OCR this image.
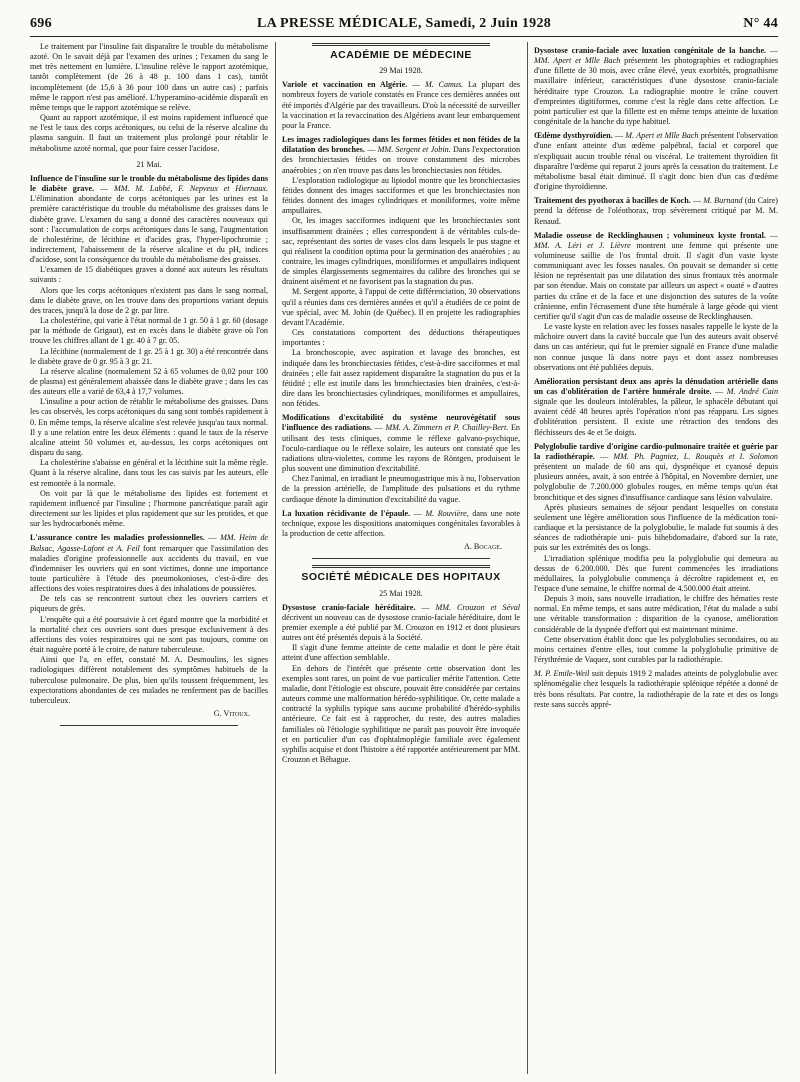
696	LA PRESSE MÉDICALE, Samedi, 2 Juin 1928	N° 44

Le traitement par l'insuline fait disparaître le trouble du métabolisme azoté. On le savait déjà par l'examen des urines ; l'examen du sang le met très nettement en lumière. L'insuline relève le rapport azotémique, tantôt complètement (de 26 à 48 p. 100 dans 1 cas), tantôt incomplètement (de 15,6 à 36 pour 100 dans un autre cas) ; parfois même le rapport n'est pas amélioré. L'hyperamino-acidémie disparaît en même temps que le rapport azotémique se relève.

Quant au rapport azotémique, il est moins rapidement influencé que ne l'est le taux des corps acétoniques, ou celui de la réserve alcaline du plasma sanguin. Il faut un traitement plus prolongé pour rétablir le métabolisme azoté normal, que pour faire cesser l'acidose.

21 Mai.

Influence de l'insuline sur le trouble du métabolisme des lipides dans le diabète grave. — MM. M. Labbé, F. Nepveux et Hiernaux. L'élimination abondante de corps acétoniques par les urines est la première caractéristique du trouble du métabolisme des graisses dans le diabète grave. L'examen du sang a donné des caractères nouveaux qui sont : l'accumulation de corps acétoniques dans le sang, l'augmentation de cholestérine, de lécithine et d'acides gras, l'hyper-lipochromie ; indirectement, l'abaissement de la réserve alcaline et du pH, indices d'acidose, sont la conséquence du trouble du métabolisme des graisses.

L'examen de 15 diabétiques graves a donné aux auteurs les résultats suivants :

Alors que les corps acétoniques n'existent pas dans le sang normal, dans le diabète grave, on les trouve dans des proportions variant depuis des traces, jusqu'à la dose de 2 gr. par litre.

La cholestérine, qui varie à l'état normal de 1 gr. 50 à 1 gr. 60 (dosage par la méthode de Grigaut), est en excès dans le diabète grave où l'on trouve les chiffres allant de 1 gr. 40 à 7 gr. 05.

La lécithine (normalement de 1 gr. 25 à 1 gr. 30) a été rencontrée dans le diabète grave de 0 gr. 95 à 3 gr. 21.

La réserve alcaline (normalement 52 à 65 volumes de 0,02 pour 100 de plasma) est généralement abaissée dans le diabète grave ; dans les cas des auteurs elle a varié de 63,4 à 17,7 volumes.

L'insuline a pour action de rétablir le métabolisme des graisses. Dans les cas observés, les corps acétoniques du sang sont tombés rapidement à 0. En même temps, la réserve alcaline s'est relevée jusqu'au taux normal. Il y a une relation entre les deux éléments : quand le taux de la réserve alcaline atteint 50 volumes et, au-dessus, les corps acétoniques ont disparu du sang.

La cholestérine s'abaisse en général et la lécithine suit la même règle. Quant à la réserve alcaline, dans tous les cas suivis par les auteurs, elle est remontée à la normale.

On voit par là que le métabolisme des lipides est fortement et rapidement influencé par l'insuline ; l'hormone pancréatique paraît agir directement sur les lipides et plus rapidement que sur les protides, et que sur les hydrocarbonés même.

L'assurance contre les maladies professionnelles. — MM. Heim de Balsac, Agasse-Lafont et A. Feil font remarquer que l'assimilation des maladies d'origine professionnelle aux accidents du travail, en vue d'indemniser les ouvriers qui en sont victimes, donne une importance toute particulière à l'étude des pneumokonioses, c'est-à-dire des affections des voies respiratoires dues à des inhalations de poussières.

De tels cas se rencontrent surtout chez les ouvriers carriers et piqueurs de grès.

L'enquête qui a été poursuivie à cet égard montre que la morbidité et la mortalité chez ces ouvriers sont dues presque exclusivement à des affections des voies respiratoires qui ne sont pas toujours, comme on était naguère porté à le croire, de nature tuberculeuse.

Ainsi que l'a, en effet, constaté M. A. Desmoulins, les signes radiologiques diffèrent notablement des symptômes habituels de la tuberculose pulmonaire. De plus, bien qu'ils toussent fréquemment, les expectorations abondantes de ces malades ne renferment pas de bacilles tuberculeux.

G. Vitoux.

ACADÉMIE DE MÉDECINE

29 Mai 1928.

Variole et vaccination en Algérie. — M. Camus. La plupart des nombreux foyers de variole constatés en France ces dernières années ont été importés d'Algérie par des travailleurs. D'où la nécessité de surveiller la vaccination et la revaccination des Algériens avant leur embarquement pour la France.

Les images radiologiques dans les formes fétides et non fétides de la dilatation des bronches. — MM. Sergent et Jobin. Dans l'expectoration des bronchiectasies fétides on trouve constamment des microbes anaérobies ; on n'en trouve pas dans les bronchiectasies non fétides.

L'exploration radiologique au lipiodol montre que les bronchiectasies fétides donnent des images sacciformes et que les bronchiectasies non fétides donnent des images cylindriques et moniliformes, voire même ampullaires.

Or, les images sacciformes indiquent que les bronchiectasies sont insuffisamment drainées ; elles correspondent à de véritables culs-de-sac, représentant des sortes de vases clos dans lesquels le pus stagne et qui réalisent la condition optima pour la germination des anaérobies ; au contraire, les images cylindriques, moniliformes et ampullaires indiquent de simples élargissements segmentaires du calibre des bronches qui se drainent aisément et ne favorisent pas la stagnation du pus.

M. Sergent apporte, à l'appui de cette différenciation, 30 observations qu'il a réunies dans ces dernières années et qu'il a étudiées de ce point de vue spécial, avec M. Jobin (de Québec). Il en projette les radiographies devant l'Académie.

Ces constatations comportent des déductions thérapeutiques importantes :

La bronchoscopie, avec aspiration et lavage des bronches, est indiquée dans les bronchiectasies fétides, c'est-à-dire sacciformes et mal drainées ; elle fait assez rapidement disparaître la stagnation du pus et la fétidité ; elle est inutile dans les bronchiectasies bien drainées, c'est-à-dire dans les bronchiectasies cylindriques, moniliformes et ampullaires, non fétides.

Modifications d'excitabilité du système neurovégétatif sous l'influence des radiations. — MM. A. Zimmern et P. Chailley-Bert. En utilisant des tests cliniques, comme le réflexe galvano-psychique, l'oculo-cardiaque ou le réflexe solaire, les auteurs ont constaté que les radiations ultra-violettes, comme les rayons de Röntgen, produisent le plus souvent une diminution d'excitabilité.

Chez l'animal, en irradiant le pneumogastrique mis à nu, l'observation de la pression artérielle, de l'amplitude des pulsations et du rythme cardiaque dénote la diminution d'excitabilité du vague.

La luxation récidivante de l'épaule. — M. Rouvière, dans une note technique, expose les dispositions anatomiques congénitales favorables à la production de cette affection.

A. Bocage.

SOCIÉTÉ MÉDICALE DES HOPITAUX

25 Mai 1928.

Dysostose cranio-faciale héréditaire. — MM. Crouzon et Séval décrivent un nouveau cas de dysostose cranio-faciale héréditaire, dont le premier exemple a été publié par M. Crouzon en 1912 et dont plusieurs autres ont été présentés depuis à la Société.

Il s'agit d'une femme atteinte de cette maladie et dont le père était atteint d'une affection semblable.

En dehors de l'intérêt que présente cette observation dont les exemples sont rares, un point de vue particulier mérite l'attention. Cette maladie, dont l'étiologie est obscure, pouvait être considérée par certains auteurs comme une malformation hérédo-syphilitique. Or, cette malade a contracté la syphilis typique sans aucune probabilité d'hérédo-syphilis antérieure. Ce fait est à rapprocher, du reste, des autres maladies familiales où l'étiologie syphilitique ne paraît pas pouvoir être invoquée et en particulier d'un cas d'ophtalmoplégie familiale avec également syphilis acquise et dont l'histoire a été rapportée antérieurement par MM. Crouzon et Béhague.

Dysostose cranio-faciale avec luxation congénitale de la hanche. — MM. Apert et Mlle Bach présentent les photographies et radiographies d'une fillette de 30 mois, avec crâne élevé, yeux exorbités, prognathisme maxillaire inférieur, caractéristiques d'une dysostose cranio-faciale héréditaire type Crouzon. La radiographie montre le crâne couvert d'empreintes digitiformes, comme c'est la règle dans cette affection. Le point particulier est que la fillette est en même temps atteinte de luxation congénitale de la hanche du type habituel.

Œdème dysthyroïdien. — M. Apert et Mlle Bach présentent l'observation d'une enfant atteinte d'un œdème palpébral, facial et corporel que n'expliquait aucun trouble rénal ou viscéral. Le traitement thyroïdien fit disparaître l'œdème qui reparut 2 jours après la cessation du traitement. Le métabolisme basal était diminué. Il s'agit donc bien d'un cas d'œdème d'origine thyroïdienne.

Traitement des pyothorax à bacilles de Koch. — M. Burnand (du Caire) prend la défense de l'oléothorax, trop sévèrement critiqué par M. M. Renaud.

Maladie osseuse de Recklinghausen ; volumineux kyste frontal. — MM. A. Léri et J. Lièvre montrent une femme qui présente une volumineuse saillie de l'os frontal droit. Il s'agit d'un vaste kyste communiquant avec les fosses nasales. On pouvait se demander si cette lésion ne représentait pas une dilatation des sinus frontaux très anormale par son étendue. Mais on constate par ailleurs un aspect « ouaté » d'autres parties du crâne et de la face et une disjonction des sutures de la voûte crânienne, enfin l'écrasement d'une tête humérale à large géode qui vient certifier qu'il s'agit d'un cas de maladie osseuse de Recklinghausen.

Le vaste kyste en relation avec les fosses nasales rappelle le kyste de la mâchoire ouvert dans la cavité buccale que l'un des auteurs avait observé dans un cas antérieur, qui fut le premier signalé en France d'une maladie non connue jusque là dans notre pays et dont assez nombreuses observations ont été publiées depuis.

Amélioration persistant deux ans après la dénudation artérielle dans un cas d'oblitération de l'artère humérale droite. — M. André Cain signale que les douleurs intolérables, la pâleur, le sphacèle débutant qui avaient cédé 48 heures après l'opération n'ont pas réapparu. Les signes d'oblitération persistent. Il existe une rétraction des tendons des fléchisseurs des 4e et 5e doigts.

Polyglobulie tardive d'origine cardio-pulmonaire traitée et guérie par la radiothérapie. — MM. Ph. Pagniez, L. Rouquès et I. Solomon présentent un malade de 60 ans qui, dyspnéique et cyanosé depuis plusieurs années, avait, à son entrée à l'hôpital, en Novembre dernier, une polyglobulie de 7.200.000 globules rouges, en même temps qu'un état bronchitique et des signes d'insuffisance cardiaque sans lésion valvulaire.

Après plusieurs semaines de séjour pendant lesquelles on constata seulement une légère amélioration sous l'influence de la médication toni-cardiaque et la persistance de la polyglobulie, le malade fut soumis à des séances de radiothérapie uni- puis bihebdomadaire, d'abord sur la rate, puis sur les extrémités des os longs.

L'irradiation splénique modifia peu la polyglobulie qui demeura au dessus de 6.200.000. Dès que furent commencées les irradiations médullaires, la polyglobulie commença à décroître rapidement et, en l'espace d'une semaine, le chiffre normal de 4.500.000 était atteint.

Depuis 3 mois, sans nouvelle irradiation, le chiffre des hématies reste normal. En même temps, et sans autre médication, l'état du malade a subi une véritable transformation : disparition de la cyanose, amélioration considérable de la dyspnée d'effort qui est maintenant minime.

Cette observation établit donc que les polyglobulies secondaires, ou au moins certaines d'entre elles, tout comme la polyglobulie primitive de l'érythrémie de Vaquez, sont curables par la radiothérapie.

M. P. Emile-Weil suit depuis 1919 2 malades atteints de polyglobulie avec splénomégalie chez lesquels la radiothérapie splénique répétée a donné de très bons résultats. Par contre, la radiothérapie de la rate et des os longs reste sans succès appré-
